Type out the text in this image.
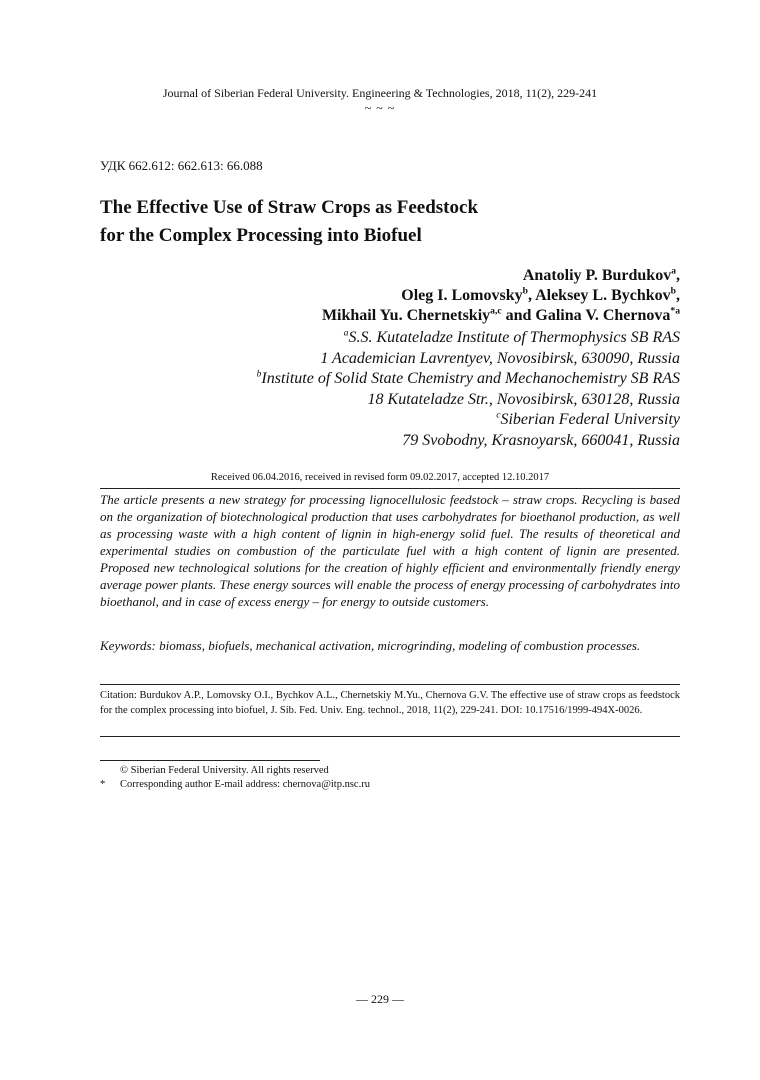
Journal of Siberian Federal University. Engineering & Technologies, 2018, 11(2), 229-241
~ ~ ~
УДК 662.612: 662.613: 66.088
The Effective Use of Straw Crops as Feedstock
for the Complex Processing into Biofuel
Anatoliy P. Burdukov$^a$,
Oleg I. Lomovsky$^b$, Aleksey L. Bychkov$^b$,
Mikhail Yu. Chernetskiy$^{a,c}$ and Galina V. Chernova$^{*a}$
$^a$S.S. Kutateladze Institute of Thermophysics SB RAS
1 Academician Lavrentyev, Novosibirsk, 630090, Russia
$^b$Institute of Solid State Chemistry and Mechanochemistry SB RAS
18 Kutateladze Str., Novosibirsk, 630128, Russia
$^c$Siberian Federal University
79 Svobodny, Krasnoyarsk, 660041, Russia
Received 06.04.2016, received in revised form 09.02.2017, accepted 12.10.2017
The article presents a new strategy for processing lignocellulosic feedstock – straw crops. Recycling is based on the organization of biotechnological production that uses carbohydrates for bioethanol production, as well as processing waste with a high content of lignin in high-energy solid fuel. The results of theoretical and experimental studies on combustion of the particulate fuel with a high content of lignin are presented. Proposed new technological solutions for the creation of highly efficient and environmentally friendly energy average power plants. These energy sources will enable the process of energy processing of carbohydrates into bioethanol, and in case of excess energy – for energy to outside customers.
Keywords: biomass, biofuels, mechanical activation, microgrinding, modeling of combustion processes.
Citation: Burdukov A.P., Lomovsky O.I., Bychkov A.L., Chernetskiy M.Yu., Chernova G.V. The effective use of straw crops as feedstock for the complex processing into biofuel, J. Sib. Fed. Univ. Eng. technol., 2018, 11(2), 229-241. DOI: 10.17516/1999-494X-0026.
© Siberian Federal University. All rights reserved
* Corresponding author E-mail address: chernova@itp.nsc.ru
— 229 —
